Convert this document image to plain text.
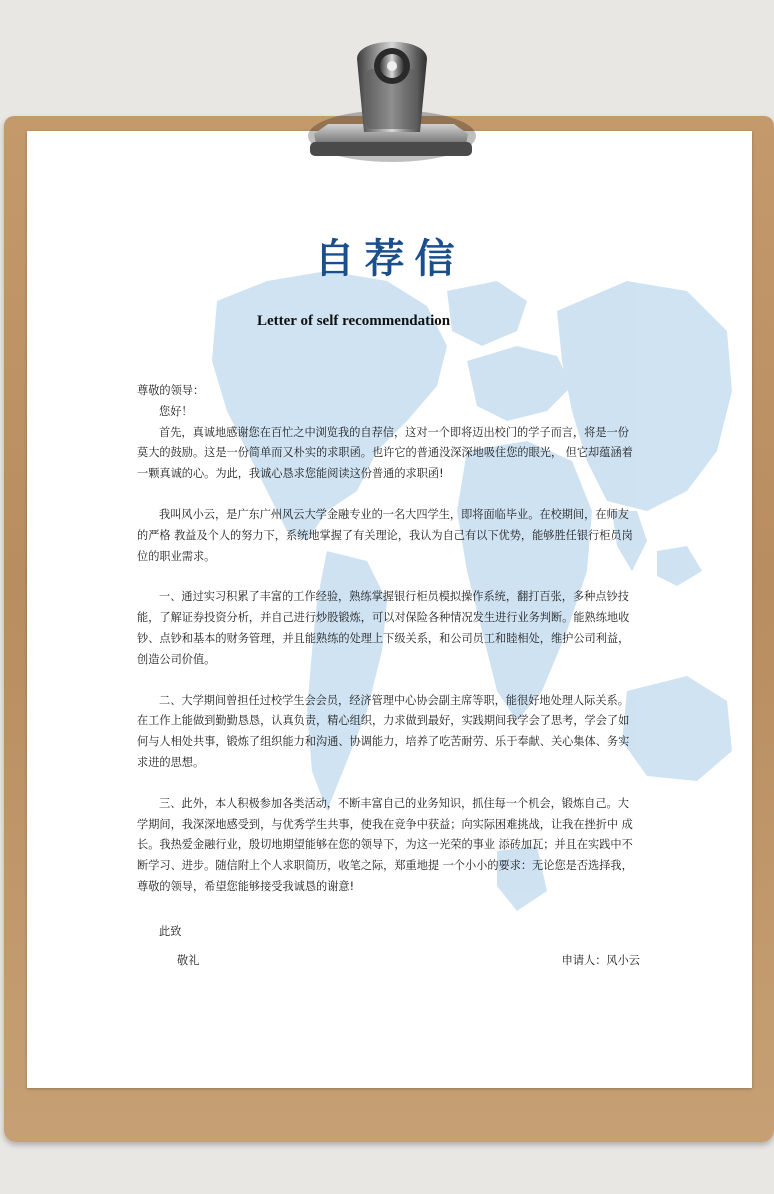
自荐信
Letter of self recommendation

尊敬的领导：

您好！

首先，真诚地感谢您在百忙之中浏览我的自荐信，这对一个即将迈出校门的学子而言，将是一份莫大的鼓励。这是一份简单而又朴实的求职函。也许它的普通没深深地吸住您的眼光， 但它却蕴涵着一颗真诚的心。为此，我诚心恳求您能阅读这份普通的求职函!

我叫风小云，是广东广州风云大学金融专业的一名大四学生，即将面临毕业。在校期间，在师友的严格 教益及个人的努力下，系统地掌握了有关理论，我认为自己有以下优势，能够胜任银行柜员岗位的职业需求。

一、通过实习积累了丰富的工作经验，熟练掌握银行柜员模拟操作系统，翻打百张，多种点钞技能，了解证券投资分析，并自己进行炒股锻炼，可以对保险各种情况发生进行业务判断。能熟练地收钞、点钞和基本的财务管理，并且能熟练的处理上下级关系，和公司员工和睦相处，维护公司利益，创造公司价值。

二、大学期间曾担任过校学生会会员，经济管理中心协会副主席等职，能很好地处理人际关系。在工作上能做到勤勤恳恳，认真负责，精心组织，力求做到最好，实践期间我学会了思考，学会了如何与人相处共事，锻炼了组织能力和沟通、协调能力，培养了吃苦耐劳、乐于奉献、关心集体、务实求进的思想。

三、此外，本人积极参加各类活动，不断丰富自己的业务知识，抓住每一个机会，锻炼自己。大学期间，我深深地感受到，与优秀学生共事，使我在竞争中获益；向实际困难挑战，让我在挫折中 成长。我热爱金融行业，殷切地期望能够在您的领导下，为这一光荣的事业 添砖加瓦；并且在实践中不断学习、进步。随信附上个人求职简历，收笔之际，郑重地提 一个小小的要求：无论您是否选择我，尊敬的领导，希望您能够接受我诚恳的谢意!

此致

敬礼	申请人：风小云
